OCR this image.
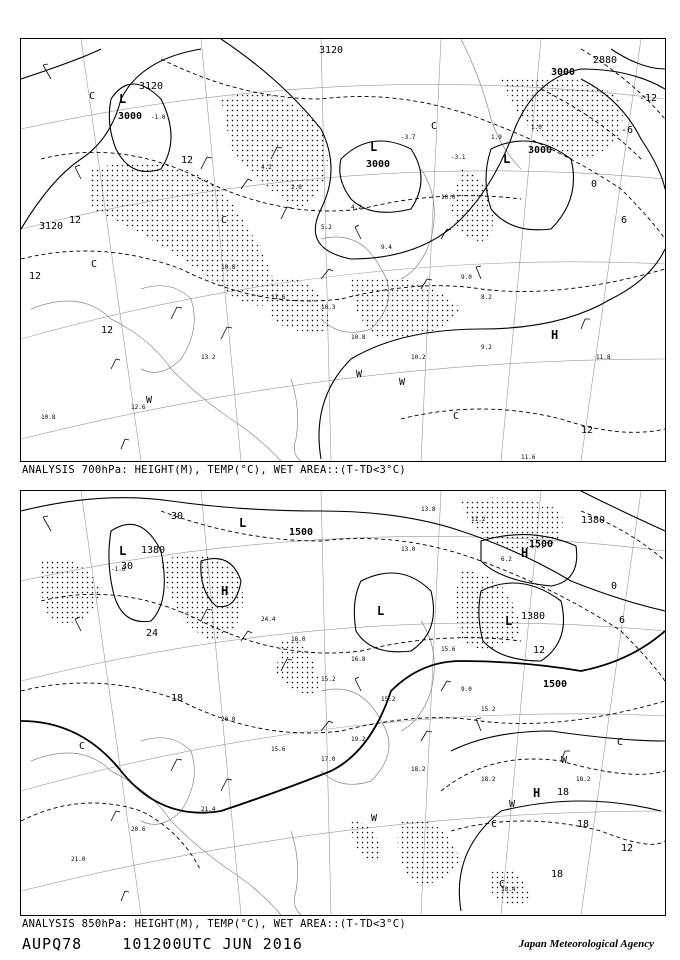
-1.0
4.2
2.0
5.2
4.2
9.4
10.0
9.0
8.2
10.8
11.6
10.3
10.8
10.2
9.2
13.2
12.6
11.6
11.8
10.8
1.9
1.0
-3.1
-3.7
3000
3000
3000
3000
3120
3120
3120
2880
12
12
12
12
12
6
0
-6
-12
L
L
L
H
C
C
C
C
W
W
W
C
ANALYSIS 700hPa: HEIGHT(M), TEMP(°C), WET AREA::(T-TD<3°C)
-1.0
24.4
18.0
15.2
16.8
15.2
15.6
9.0
15.2
20.0
15.6
17.0
19.2
18.2
18.2
21.4
20.6
18.4
18.2
21.0
13.8
11.2
6.2
13.0
1380
1380
1500
1500
1500
1380
30
30
24
18
12
6
0
18
18
18
12
L
L
L
H
H
L
H
C
C
C
W
W
W
C
ANALYSIS 850hPa: HEIGHT(M), TEMP(°C), WET AREA::(T-TD<3°C)
AUPQ78	101200UTC JUN 2016	Japan Meteorological Agency
